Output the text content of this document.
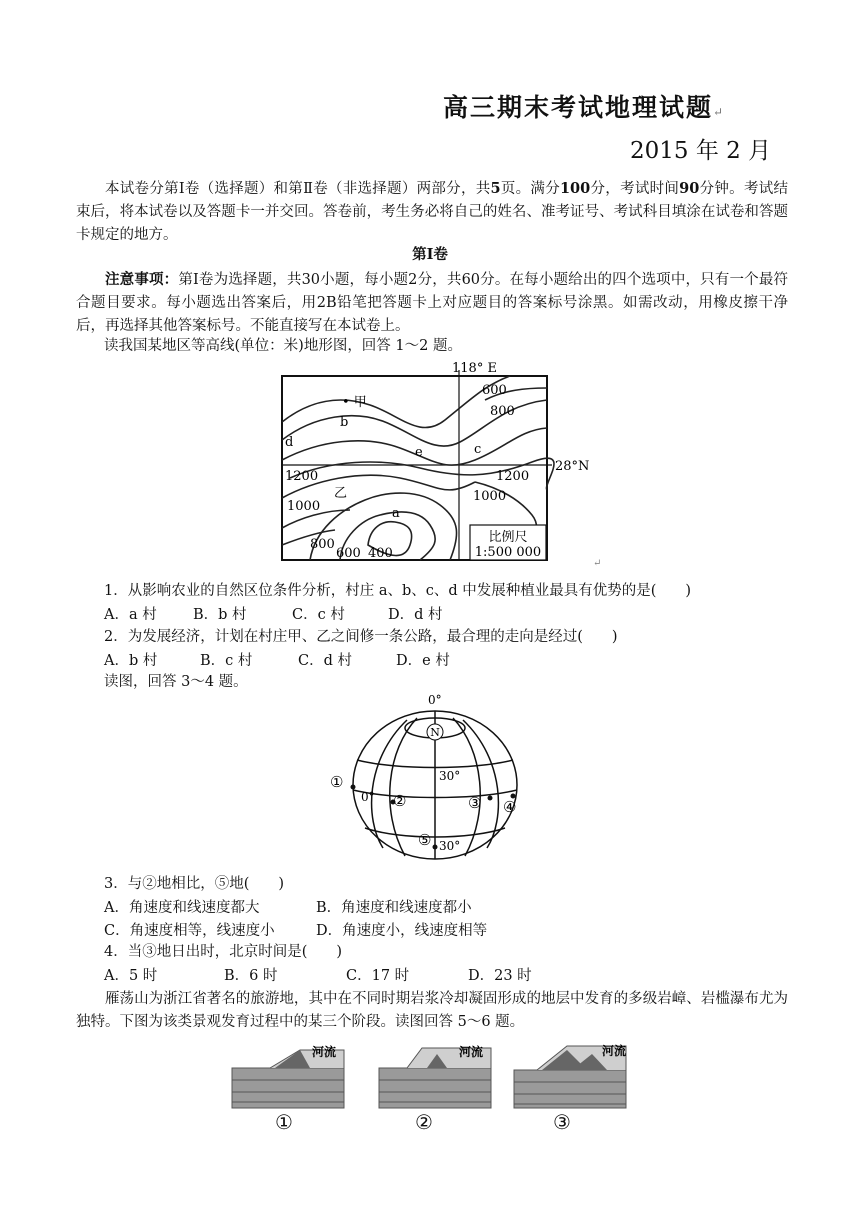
高三期末考试地理试题↵
2015 年 2 月
本试卷分第Ⅰ卷（选择题）和第Ⅱ卷（非选择题）两部分，共5页。满分100分，考试时间90分钟。考试结束后，将本试卷以及答题卡一并交回。答卷前，考生务必将自己的姓名、准考证号、考试科目填涂在试卷和答题卡规定的地方。
第Ⅰ卷
注意事项：第Ⅰ卷为选择题，共30小题，每小题2分，共60分。在每小题给出的四个选项中，只有一个最符合题目要求。每小题选出答案后，用2B铅笔把答题卡上对应题目的答案标号涂黑。如需改动，用橡皮擦干净后，再选择其他答案标号。不能直接写在本试卷上。
读我国某地区等高线(单位：米)地形图，回答 1～2 题。
比例尺
1:500 000
118° E
28°N
600
800
1200
1000
1200
1000
800
600 400
• 甲
乙
a
b
c
d
e
↵
1．从影响农业的自然区位条件分析，村庄 a、b、c、d 中发展种植业最具有优势的是(　　)
A．a 村	B．b 村	C．c 村	D．d 村
2．为发展经济，计划在村庄甲、乙之间修一条公路，最合理的走向是经过(　　)
A．b 村	B．c 村	C．d 村	D．e 村
读图，回答 3～4 题。
N
0°
30°
0°
30°
①
②	③ ④
⑤
3．与②地相比，⑤地(　　)
A．角速度和线速度都大	B．角速度和线速度都小
C．角速度相等，线速度小	D．角速度小，线速度相等
4．当③地日出时，北京时间是(　　)
A．5 时	B．6 时	C．17 时	D．23 时
雁荡山为浙江省著名的旅游地，其中在不同时期岩浆冷却凝固形成的地层中发育的多级岩嶂、岩槛瀑布尤为独特。下图为该类景观发育过程中的某三个阶段。读图回答 5～6 题。
河流	河流	河流
①	②	③
